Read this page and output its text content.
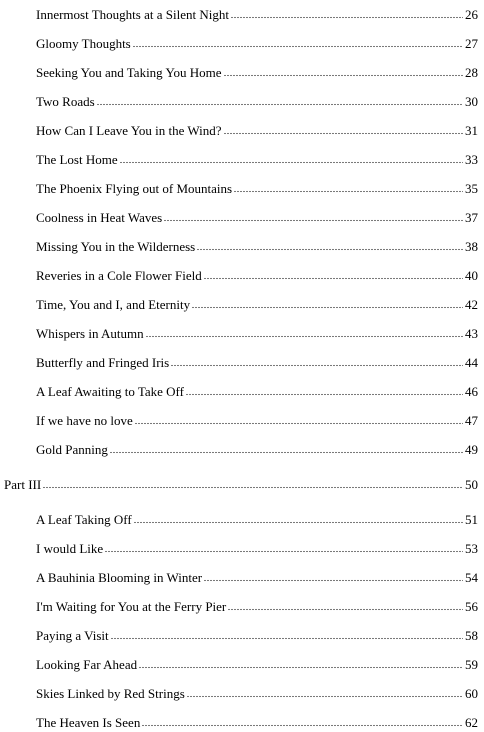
Innermost Thoughts at a Silent Night	26
Gloomy Thoughts	27
Seeking You and Taking You Home	28
Two Roads	30
How Can I Leave You in the Wind?	31
The Lost Home	33
The Phoenix Flying out of Mountains	35
Coolness in Heat Waves	37
Missing You in the Wilderness	38
Reveries in a Cole Flower Field	40
Time, You and I, and Eternity	42
Whispers in Autumn	43
Butterfly and Fringed Iris	44
A Leaf Awaiting to Take Off	46
If we have no love	47
Gold Panning	49
Part III	50
A Leaf Taking Off	51
I would Like	53
A Bauhinia Blooming in Winter	54
I'm Waiting for You at the Ferry Pier	56
Paying a Visit	58
Looking Far Ahead	59
Skies Linked by Red Strings	60
The Heaven Is Seen	62
